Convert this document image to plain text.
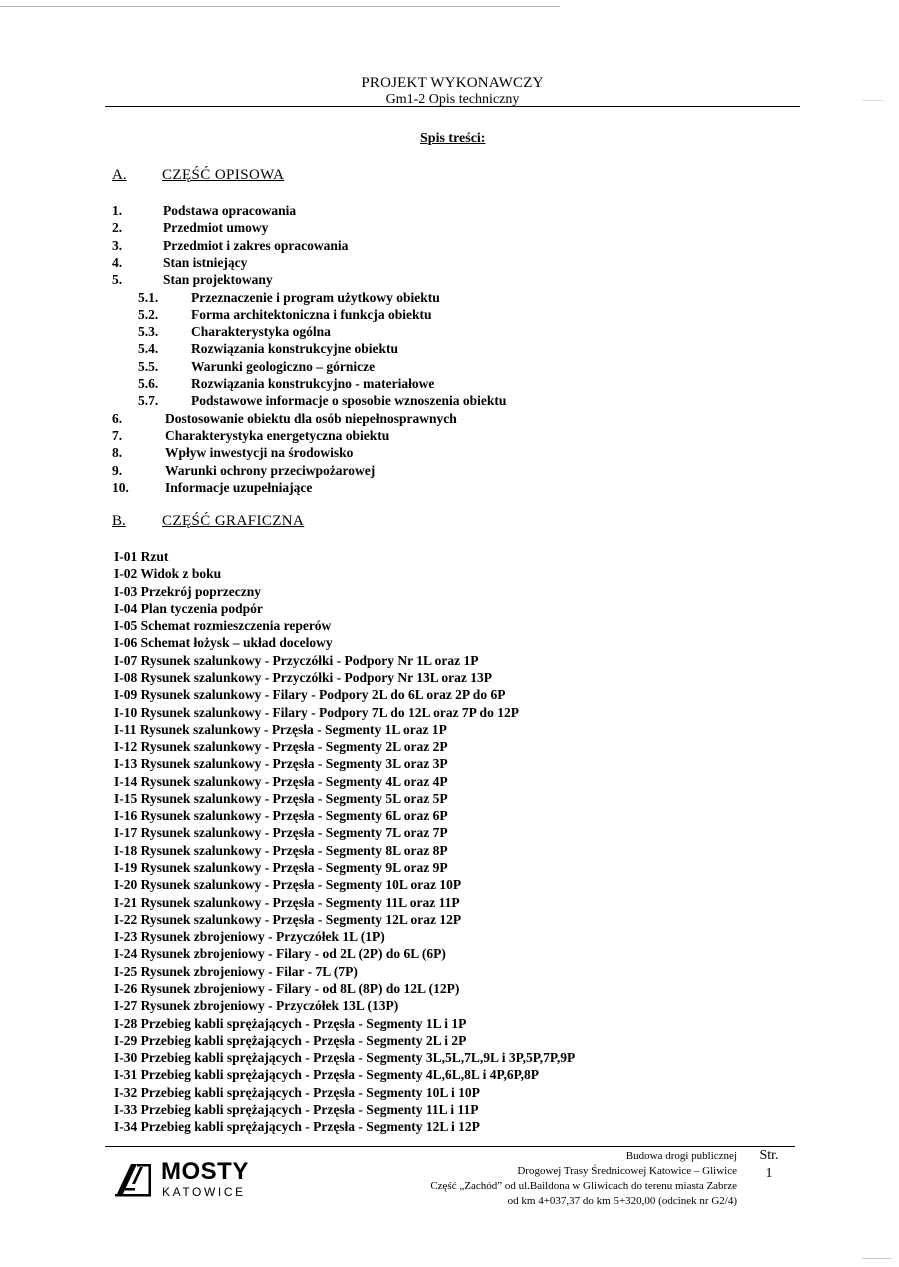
PROJEKT WYKONAWCZY
Gm1-2 Opis techniczny
Spis treści:
A. CZĘŚĆ OPISOWA
1.	Podstawa opracowania
2.	Przedmiot umowy
3.	Przedmiot i zakres opracowania
4.	Stan istniejący
5.	Stan projektowany
5.1. Przeznaczenie i program użytkowy obiektu
5.2. Forma architektoniczna i funkcja obiektu
5.3. Charakterystyka ogólna
5.4. Rozwiązania konstrukcyjne obiektu
5.5. Warunki geologiczno – górnicze
5.6. Rozwiązania konstrukcyjno - materiałowe
5.7. Podstawowe informacje o sposobie wznoszenia obiektu
6.	Dostosowanie obiektu dla osób niepełnosprawnych
7.	Charakterystyka energetyczna obiektu
8.	Wpływ inwestycji na środowisko
9.	Warunki ochrony przeciwpożarowej
10.	Informacje uzupełniające
B. CZĘŚĆ GRAFICZNA
I-01 Rzut
I-02 Widok z boku
I-03 Przekrój poprzeczny
I-04 Plan tyczenia podpór
I-05 Schemat rozmieszczenia reperów
I-06 Schemat łożysk – układ docelowy
I-07 Rysunek szalunkowy - Przyczółki - Podpory Nr 1L oraz 1P
I-08 Rysunek szalunkowy - Przyczółki - Podpory Nr 13L oraz 13P
I-09 Rysunek szalunkowy - Filary - Podpory 2L do 6L oraz 2P do 6P
I-10 Rysunek szalunkowy - Filary - Podpory 7L do 12L oraz 7P do 12P
I-11 Rysunek szalunkowy - Przęsła - Segmenty 1L oraz 1P
I-12 Rysunek szalunkowy - Przęsła - Segmenty 2L oraz 2P
I-13 Rysunek szalunkowy - Przęsła - Segmenty 3L oraz 3P
I-14 Rysunek szalunkowy - Przęsła - Segmenty 4L oraz 4P
I-15 Rysunek szalunkowy - Przęsła - Segmenty 5L oraz 5P
I-16 Rysunek szalunkowy - Przęsła - Segmenty 6L oraz 6P
I-17 Rysunek szalunkowy - Przęsła - Segmenty 7L oraz 7P
I-18 Rysunek szalunkowy - Przęsła - Segmenty 8L oraz 8P
I-19 Rysunek szalunkowy - Przęsła - Segmenty 9L oraz 9P
I-20 Rysunek szalunkowy - Przęsła - Segmenty 10L oraz 10P
I-21 Rysunek szalunkowy - Przęsła - Segmenty 11L oraz 11P
I-22 Rysunek szalunkowy - Przęsła - Segmenty 12L oraz 12P
I-23 Rysunek zbrojeniowy - Przyczółek 1L (1P)
I-24 Rysunek zbrojeniowy - Filary - od 2L (2P) do 6L (6P)
I-25 Rysunek zbrojeniowy - Filar - 7L (7P)
I-26 Rysunek zbrojeniowy - Filary - od 8L (8P) do 12L (12P)
I-27 Rysunek zbrojeniowy - Przyczółek 13L (13P)
I-28 Przebieg kabli sprężających - Przęsła - Segmenty 1L i 1P
I-29 Przebieg kabli sprężających - Przęsła - Segmenty 2L i 2P
I-30 Przebieg kabli sprężających - Przęsła - Segmenty 3L,5L,7L,9L i 3P,5P,7P,9P
I-31 Przebieg kabli sprężających - Przęsła - Segmenty 4L,6L,8L i 4P,6P,8P
I-32 Przebieg kabli sprężających - Przęsła - Segmenty 10L i 10P
I-33 Przebieg kabli sprężających - Przęsła - Segmenty 11L i 11P
I-34 Przebieg kabli sprężających - Przęsła - Segmenty 12L i 12P
MOSTY
KATOWICE
Budowa drogi publicznej
Drogowej Trasy Średnicowej Katowice – Gliwice
Część „Zachód” od ul.Baildona w Gliwicach do terenu miasta Zabrze
od km 4+037,37 do km 5+320,00 (odcinek nr G2/4)
Str.
1
